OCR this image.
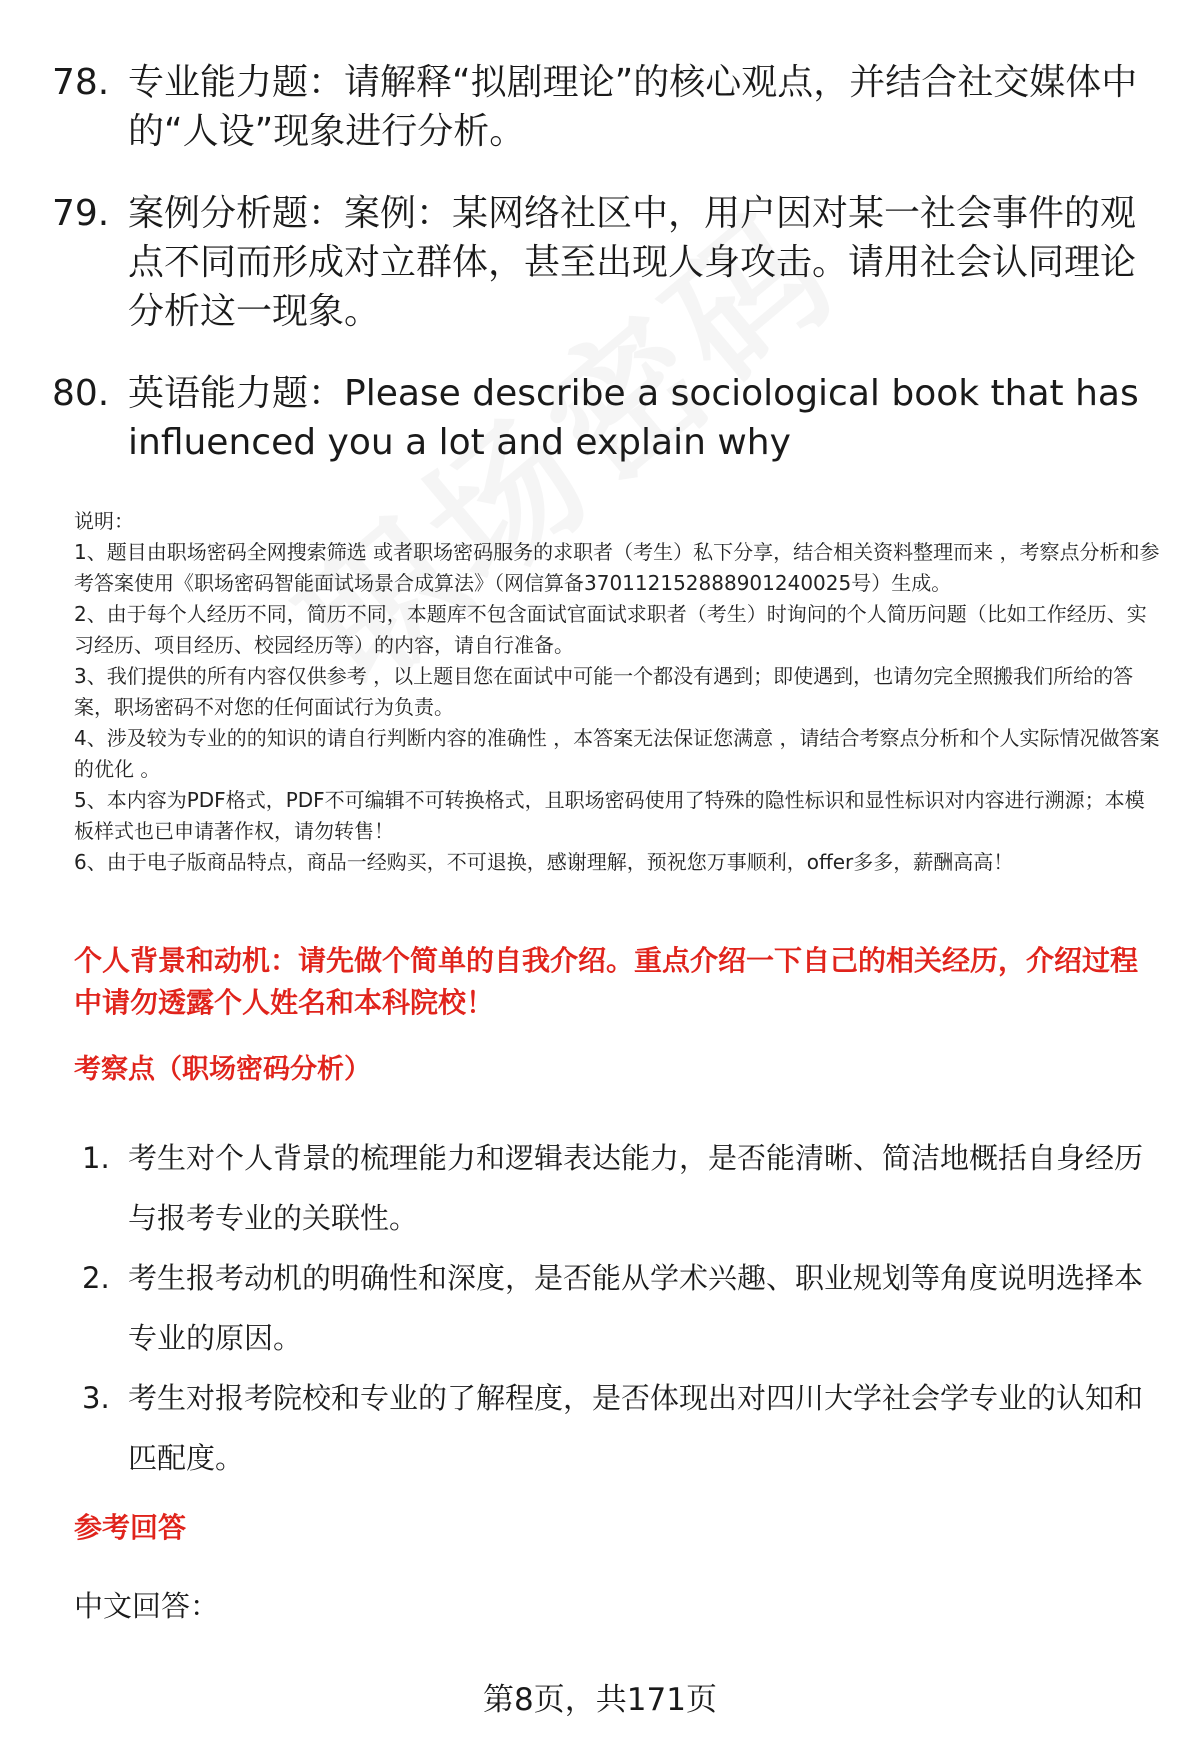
78. 专业能力题：请解释“拟剧理论”的核心观点，并结合社交媒体中的“人设”现象进行分析。
79. 案例分析题：案例：某网络社区中，用户因对某一社会事件的观点不同而形成对立群体，甚至出现人身攻击。请用社会认同理论分析这一现象。
80. 英语能力题：Please describe a sociological book that has influenced you a lot and explain why

说明：

1、题目由职场密码全网搜索筛选 或者职场密码服务的求职者（考生）私下分享，结合相关资料整理而来 ，考察点分析和参考答案使用《职场密码智能面试场景合成算法》（网信算备370112152888901240025号）生成。

2、由于每个人经历不同，简历不同，本题库不包含面试官面试求职者（考生）时询问的个人简历问题（比如工作经历、实习经历、项目经历、校园经历等）的内容，请自行准备。

3、我们提供的所有内容仅供参考 ，以上题目您在面试中可能一个都没有遇到；即使遇到，也请勿完全照搬我们所给的答案，职场密码不对您的任何面试行为负责。

4、涉及较为专业的的知识的请自行判断内容的准确性 ，本答案无法保证您满意 ，请结合考察点分析和个人实际情况做答案的优化 。

5、本内容为PDF格式，PDF不可编辑不可转换格式，且职场密码使用了特殊的隐性标识和显性标识对内容进行溯源；本模板样式也已申请著作权，请勿转售！

6、由于电子版商品特点，商品一经购买，不可退换，感谢理解，预祝您万事顺利，offer多多，薪酬高高！

个人背景和动机：请先做个简单的自我介绍。重点介绍一下自己的相关经历，介绍过程中请勿透露个人姓名和本科院校！
考察点（职场密码分析）
1. 考生对个人背景的梳理能力和逻辑表达能力，是否能清晰、简洁地概括自身经历与报考专业的关联性。
2. 考生报考动机的明确性和深度，是否能从学术兴趣、职业规划等角度说明选择本专业的原因。
3. 考生对报考院校和专业的了解程度，是否体现出对四川大学社会学专业的认知和匹配度。
参考回答
中文回答：
第8页，共171页
